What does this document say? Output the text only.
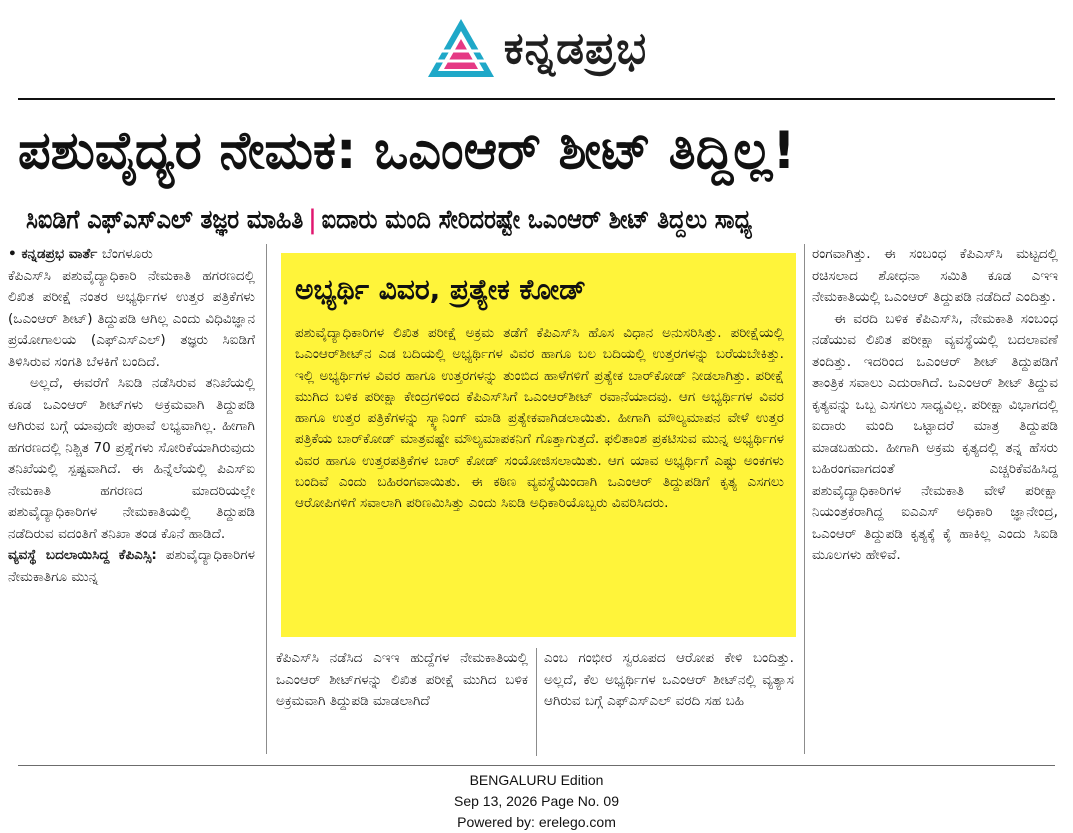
ಕನ್ನಡಪ್ರಭ
ಪಶುವೈದ್ಯರ ನೇಮಕ: ಒಎಂಆರ್ ಶೀಟ್ ತಿದ್ದಿಲ್ಲ!
ಸಿಐಡಿಗೆ ಎಫ್‌ಎಸ್‌ಎಲ್ ತಜ್ಞರ ಮಾಹಿತಿ | ಐದಾರು ಮಂದಿ ಸೇರಿದರಷ್ಟೇ ಒಎಂಆರ್ ಶೀಟ್ ತಿದ್ದಲು ಸಾಧ್ಯ

• ಕನ್ನಡಪ್ರಭ ವಾರ್ತೆ ಬೆಂಗಳೂರು
ಕೆಪಿಎಸ್‌ಸಿ ಪಶುವೈದ್ಯಾಧಿಕಾರಿ ನೇಮಕಾತಿ ಹಗರಣದಲ್ಲಿ ಲಿಖಿತ ಪರೀಕ್ಷೆ ನಂತರ ಅಭ್ಯರ್ಥಿಗಳ ಉತ್ತರ ಪತ್ರಿಕೆಗಳು (ಒಎಂಆರ್ ಶೀಟ್) ತಿದ್ದುಪಡಿ ಆಗಿಲ್ಲ ಎಂದು ವಿಧಿವಿಜ್ಞಾನ ಪ್ರಯೋಗಾಲಯ (ಎಫ್‌ಎಸ್‌ಎಲ್) ತಜ್ಞರು ಸಿಐಡಿಗೆ ತಿಳಿಸಿರುವ ಸಂಗತಿ ಬೆಳಕಿಗೆ ಬಂದಿದೆ.

ಅಲ್ಲದೆ, ಈವರೆಗೆ ಸಿಐಡಿ ನಡೆಸಿರುವ ತನಿಖೆಯಲ್ಲಿ ಕೂಡ ಒಎಂಆರ್ ಶೀಟ್‌ಗಳು ಅಕ್ರಮವಾಗಿ ತಿದ್ದುಪಡಿ ಆಗಿರುವ ಬಗ್ಗೆ ಯಾವುದೇ ಪುರಾವೆ ಲಭ್ಯವಾಗಿಲ್ಲ. ಹೀಗಾಗಿ ಹಗರಣದಲ್ಲಿ ನಿಶ್ಚಿತ 70 ಪ್ರಶ್ನೆಗಳು ಸೋರಿಕೆಯಾಗಿರುವುದು ತನಿಖೆಯಲ್ಲಿ ಸ್ಪಷ್ಟವಾಗಿದೆ. ಈ ಹಿನ್ನೆಲೆಯಲ್ಲಿ ಪಿಎಸ್‌ಐ ನೇಮಕಾತಿ ಹಗರಣದ ಮಾದರಿಯಲ್ಲೇ ಪಶುವೈದ್ಯಾಧಿಕಾರಿಗಳ ನೇಮಕಾತಿಯಲ್ಲಿ ತಿದ್ದುಪಡಿ ನಡೆದಿರುವ ವದಂತಿಗೆ ತನಿಖಾ ತಂಡ ಕೊನೆ ಹಾಡಿದೆ.

ವ್ಯವಸ್ಥೆ ಬದಲಾಯಿಸಿದ್ದ ಕೆಪಿಎಸ್ಸಿ: ಪಶುವೈದ್ಯಾಧಿಕಾರಿಗಳ ನೇಮಕಾತಿಗೂ ಮುನ್ನ

ಅಭ್ಯರ್ಥಿ ವಿವರ, ಪ್ರತ್ಯೇಕ ಕೋಡ್
ಪಶುವೈದ್ಯಾಧಿಕಾರಿಗಳ ಲಿಖಿತ ಪರೀಕ್ಷೆ ಅಕ್ರಮ ತಡೆಗೆ ಕೆಪಿಎಸ್‌ಸಿ ಹೊಸ ವಿಧಾನ ಅನುಸರಿಸಿತ್ತು. ಪರೀಕ್ಷೆಯಲ್ಲಿ ಒಎಂಆರ್‌ಶೀಟ್‌ನ ಎಡ ಬದಿಯಲ್ಲಿ ಅಭ್ಯರ್ಥಿಗಳ ವಿವರ ಹಾಗೂ ಬಲ ಬದಿಯಲ್ಲಿ ಉತ್ತರಗಳನ್ನು ಬರೆಯಬೇಕಿತ್ತು. ಇಲ್ಲಿ ಅಭ್ಯರ್ಥಿಗಳ ವಿವರ ಹಾಗೂ ಉತ್ತರಗಳನ್ನು ತುಂಬಿದ ಹಾಳೆಗಳಿಗೆ ಪ್ರತ್ಯೇಕ ಬಾರ್‌ಕೋಡ್ ನೀಡಲಾಗಿತ್ತು. ಪರೀಕ್ಷೆ ಮುಗಿದ ಬಳಿಕ ಪರೀಕ್ಷಾ ಕೇಂದ್ರಗಳಿಂದ ಕೆಪಿಎಸ್‌ಸಿಗೆ ಒಎಂಆರ್‌ಶೀಟ್ ರವಾನೆಯಾದವು. ಆಗ ಅಭ್ಯರ್ಥಿಗಳ ವಿವರ ಹಾಗೂ ಉತ್ತರ ಪತ್ರಿಕೆಗಳನ್ನು ಸ್ಕ್ಯಾನಿಂಗ್ ಮಾಡಿ ಪ್ರತ್ಯೇಕವಾಗಿಡಲಾಯಿತು. ಹೀಗಾಗಿ ಮೌಲ್ಯಮಾಪನ ವೇಳೆ ಉತ್ತರ ಪತ್ರಿಕೆಯ ಬಾರ್‌ಕೋಡ್ ಮಾತ್ರವಷ್ಟೇ ಮೌಲ್ಯಮಾಪಕನಿಗೆ ಗೊತ್ತಾಗುತ್ತದೆ. ಫಲಿತಾಂಶ ಪ್ರಕಟಿಸುವ ಮುನ್ನ ಅಭ್ಯರ್ಥಿಗಳ ವಿವರ ಹಾಗೂ ಉತ್ತರಪತ್ರಿಕೆಗಳ ಬಾರ್ ಕೋಡ್ ಸಂಯೋಜಿಸಲಾಯಿತು. ಆಗ ಯಾವ ಅಭ್ಯರ್ಥಿಗೆ ಎಷ್ಟು ಅಂಕಗಳು ಬಂದಿವೆ ಎಂದು ಬಹಿರಂಗವಾಯಿತು. ಈ ಕಠಿಣ ವ್ಯವಸ್ಥೆಯಿಂದಾಗಿ ಒಎಂಆರ್ ತಿದ್ದುಪಡಿಗೆ ಕೃತ್ಯ ಎಸಗಲು ಆರೋಪಿಗಳಿಗೆ ಸವಾಲಾಗಿ ಪರಿಣಮಿಸಿತ್ತು ಎಂದು ಸಿಐಡಿ ಅಧಿಕಾರಿಯೊಬ್ಬರು ವಿವರಿಸಿದರು.

ಕೆಪಿಎಸ್‌ಸಿ ನಡೆಸಿದ ಎಇಇ ಹುದ್ದೆಗಳ ನೇಮಕಾತಿಯಲ್ಲಿ ಒಎಂಆರ್ ಶೀಟ್‌ಗಳನ್ನು ಲಿಖಿತ ಪರೀಕ್ಷೆ ಮುಗಿದ ಬಳಿಕ ಅಕ್ರಮವಾಗಿ ತಿದ್ದುಪಡಿ ಮಾಡಲಾಗಿದೆ

ಎಂಬ ಗಂಭೀರ ಸ್ವರೂಪದ ಆರೋಪ ಕೇಳಿ ಬಂದಿತ್ತು. ಅಲ್ಲದೆ, ಕೆಲ ಅಭ್ಯರ್ಥಿಗಳ ಒಎಂಆರ್‌ ಶೀಟ್‌ನಲ್ಲಿ ವ್ಯತ್ಯಾಸ ಆಗಿರುವ ಬಗ್ಗೆ ಎಫ್‌ಎಸ್‌ಎಲ್ ವರದಿ ಸಹ ಬಹಿ

ರಂಗವಾಗಿತ್ತು. ಈ ಸಂಬಂಧ ಕೆಪಿಎಸ್‌ಸಿ ಮಟ್ಟದಲ್ಲಿ ರಚಿಸಲಾದ ಶೋಧನಾ ಸಮಿತಿ ಕೂಡ ಎಇಇ ನೇಮಕಾತಿಯಲ್ಲಿ ಒಎಂಆರ್ ತಿದ್ದುಪಡಿ ನಡೆದಿದೆ ಎಂದಿತ್ತು.

ಈ ವರದಿ ಬಳಿಕ ಕೆಪಿಎಸ್‌ಸಿ, ನೇಮಕಾತಿ ಸಂಬಂಧ ನಡೆಯುವ ಲಿಖಿತ ಪರೀಕ್ಷಾ ವ್ಯವಸ್ಥೆಯಲ್ಲಿ ಬದಲಾವಣೆ ತಂದಿತ್ತು. ಇದರಿಂದ ಒಎಂಆರ್ ಶೀಟ್ ತಿದ್ದುಪಡಿಗೆ ತಾಂತ್ರಿಕ ಸವಾಲು ಎದುರಾಗಿದೆ. ಒಎಂಆರ್ ಶೀಟ್ ತಿದ್ದುವ ಕೃತ್ಯವನ್ನು ಒಬ್ಬ ಎಸಗಲು ಸಾಧ್ಯವಿಲ್ಲ. ಪರೀಕ್ಷಾ ವಿಭಾಗದಲ್ಲಿ ಐದಾರು ಮಂದಿ ಒಟ್ಟಾದರೆ ಮಾತ್ರ ತಿದ್ದುಪಡಿ ಮಾಡಬಹುದು. ಹೀಗಾಗಿ ಅಕ್ರಮ ಕೃತ್ಯದಲ್ಲಿ ತನ್ನ ಹೆಸರು ಬಹಿರಂಗವಾಗದಂತೆ ಎಚ್ಚರಿಕೆವಹಿಸಿದ್ದ ಪಶುವೈದ್ಯಾಧಿಕಾರಿಗಳ ನೇಮಕಾತಿ ವೇಳೆ ಪರೀಕ್ಷಾ ನಿಯಂತ್ರಕರಾಗಿದ್ದ ಐಎಎಸ್ ಅಧಿಕಾರಿ ಜ್ಞಾನೇಂದ್ರ, ಒಎಂಆರ್ ತಿದ್ದುಪಡಿ ಕೃತ್ಯಕ್ಕೆ ಕೈ ಹಾಕಿಲ್ಲ ಎಂದು ಸಿಐಡಿ ಮೂಲಗಳು ಹೇಳಿವೆ.

BENGALURU Edition
Sep 13, 2026 Page No. 09
Powered by: erelego.com
